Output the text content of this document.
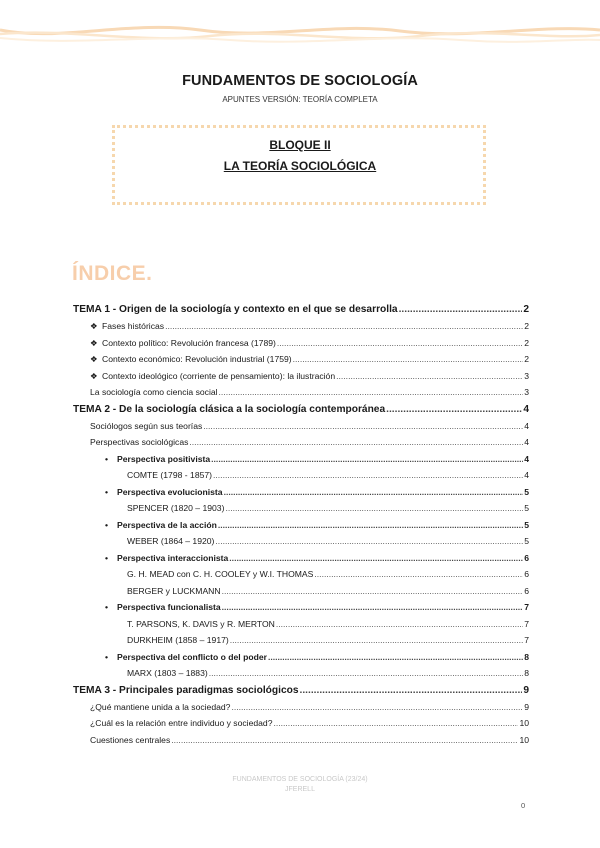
FUNDAMENTOS DE SOCIOLOGÍA
APUNTES VERSIÓN: TEORÍA COMPLETA
BLOQUE II
LA TEORÍA SOCIOLÓGICA
ÍNDICE.
TEMA 1 - Origen de la sociología y contexto en el que se desarrolla .....	2
❖ Fases históricas .....	2
❖ Contexto político: Revolución francesa (1789) .....	2
❖ Contexto económico: Revolución industrial (1759) .....	2
❖ Contexto ideológico (corriente de pensamiento): la ilustración .....	3
La sociología como ciencia social .....	3
TEMA 2 - De la sociología clásica a la sociología contemporánea .....	4
Sociólogos según sus teorías .....	4
Perspectivas sociológicas .....	4
• Perspectiva positivista .....	4
COMTE (1798 - 1857) .....	4
• Perspectiva evolucionista .....	5
SPENCER (1820 – 1903) .....	5
• Perspectiva de la acción .....	5
WEBER (1864 – 1920) .....	5
• Perspectiva interaccionista .....	6
G. H. MEAD con C. H. COOLEY y W.I. THOMAS .....	6
BERGER y LUCKMANN .....	6
• Perspectiva funcionalista .....	7
T. PARSONS, K. DAVIS y R. MERTON .....	7
DURKHEIM (1858 – 1917) .....	7
• Perspectiva del conflicto o del poder .....	8
MARX (1803 – 1883) .....	8
TEMA 3 - Principales paradigmas sociológicos .....	9
¿Qué mantiene unida a la sociedad? .....	9
¿Cuál es la relación entre individuo y sociedad? .....	10
Cuestiones centrales .....	10
FUNDAMENTOS DE SOCIOLOGÍA (23/24)
JFERELL
0
